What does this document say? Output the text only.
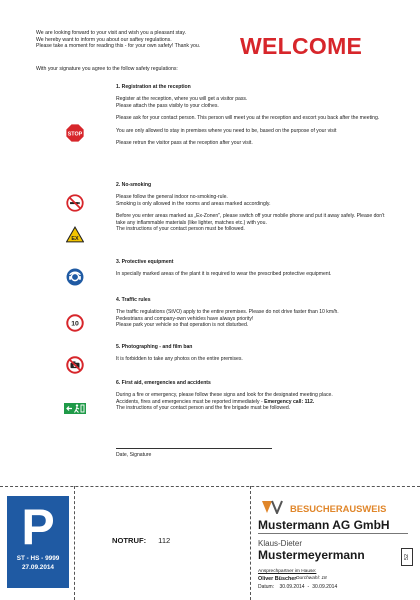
We are looking forward to your visit and wish you a pleasant stay.

We hereby want to inform you about our saftey regulations.

Please take a moment for reading this - for your own safety! Thank you.	WELCOME
With your signature you agree to the follow safety regulations:

1. Registration at the reception

Register at the reception, where you will get a visitor pass.

Please attach the pass visibly to your clothes.

Please ask for your contact person. This person will meet you at the reception and escort you back after the meeting.

You are only allowed to stay in premises where you need to be, based on the purpose of your visit

Please retrun the visitor pass at the reception after your visit.

STOP

2. No-smoking

Please follow the general indoor no-smoking-rule.

Smoking is only allowed in the rooms and areas marked accordingly.

Before you enter areas marked as „Ex-Zonen", please switch off your mobile phone and put it away safely. Please don't take any inflammable materials (like lighter, matches etc.) with you.

The instructions of your contact person must be followed.

EX

3. Protective equipment

In specially marked areas of the plant it is required to wear the prescribed protective equipment.

4. Traffic rules

The traffic regulations (StVO) apply to the entire premises. Please do not drive faster than 10 km/h.

Pedestrians and company-own vehicles have always priority!

Please park your vehicle so that operation is not disturbed.

10

5. Photographing - and film ban

It is forbidden to take any photos on the entire premises.

6. First aid, emergencies and accidents

During a fire or emergency, please follow these signs and look for the designated meeting place.

Accidents, fires and emergencies must be reported immediately - Emergency call: 112.

The instructions of your contact person and the fire brigade must be followed.

Date, Signature
P
ST - HS - 9999
27.09.2014
NOTRUF: 112
BESUCHERAUSWEIS
Mustermann AG GmbH
Klaus-Dieter
Mustermeyermann	52
Ansprechpartner im Hause:
Oliver Büscher Durchwahl: 18
Datum: 30.09.2014 - 30.09.2014
